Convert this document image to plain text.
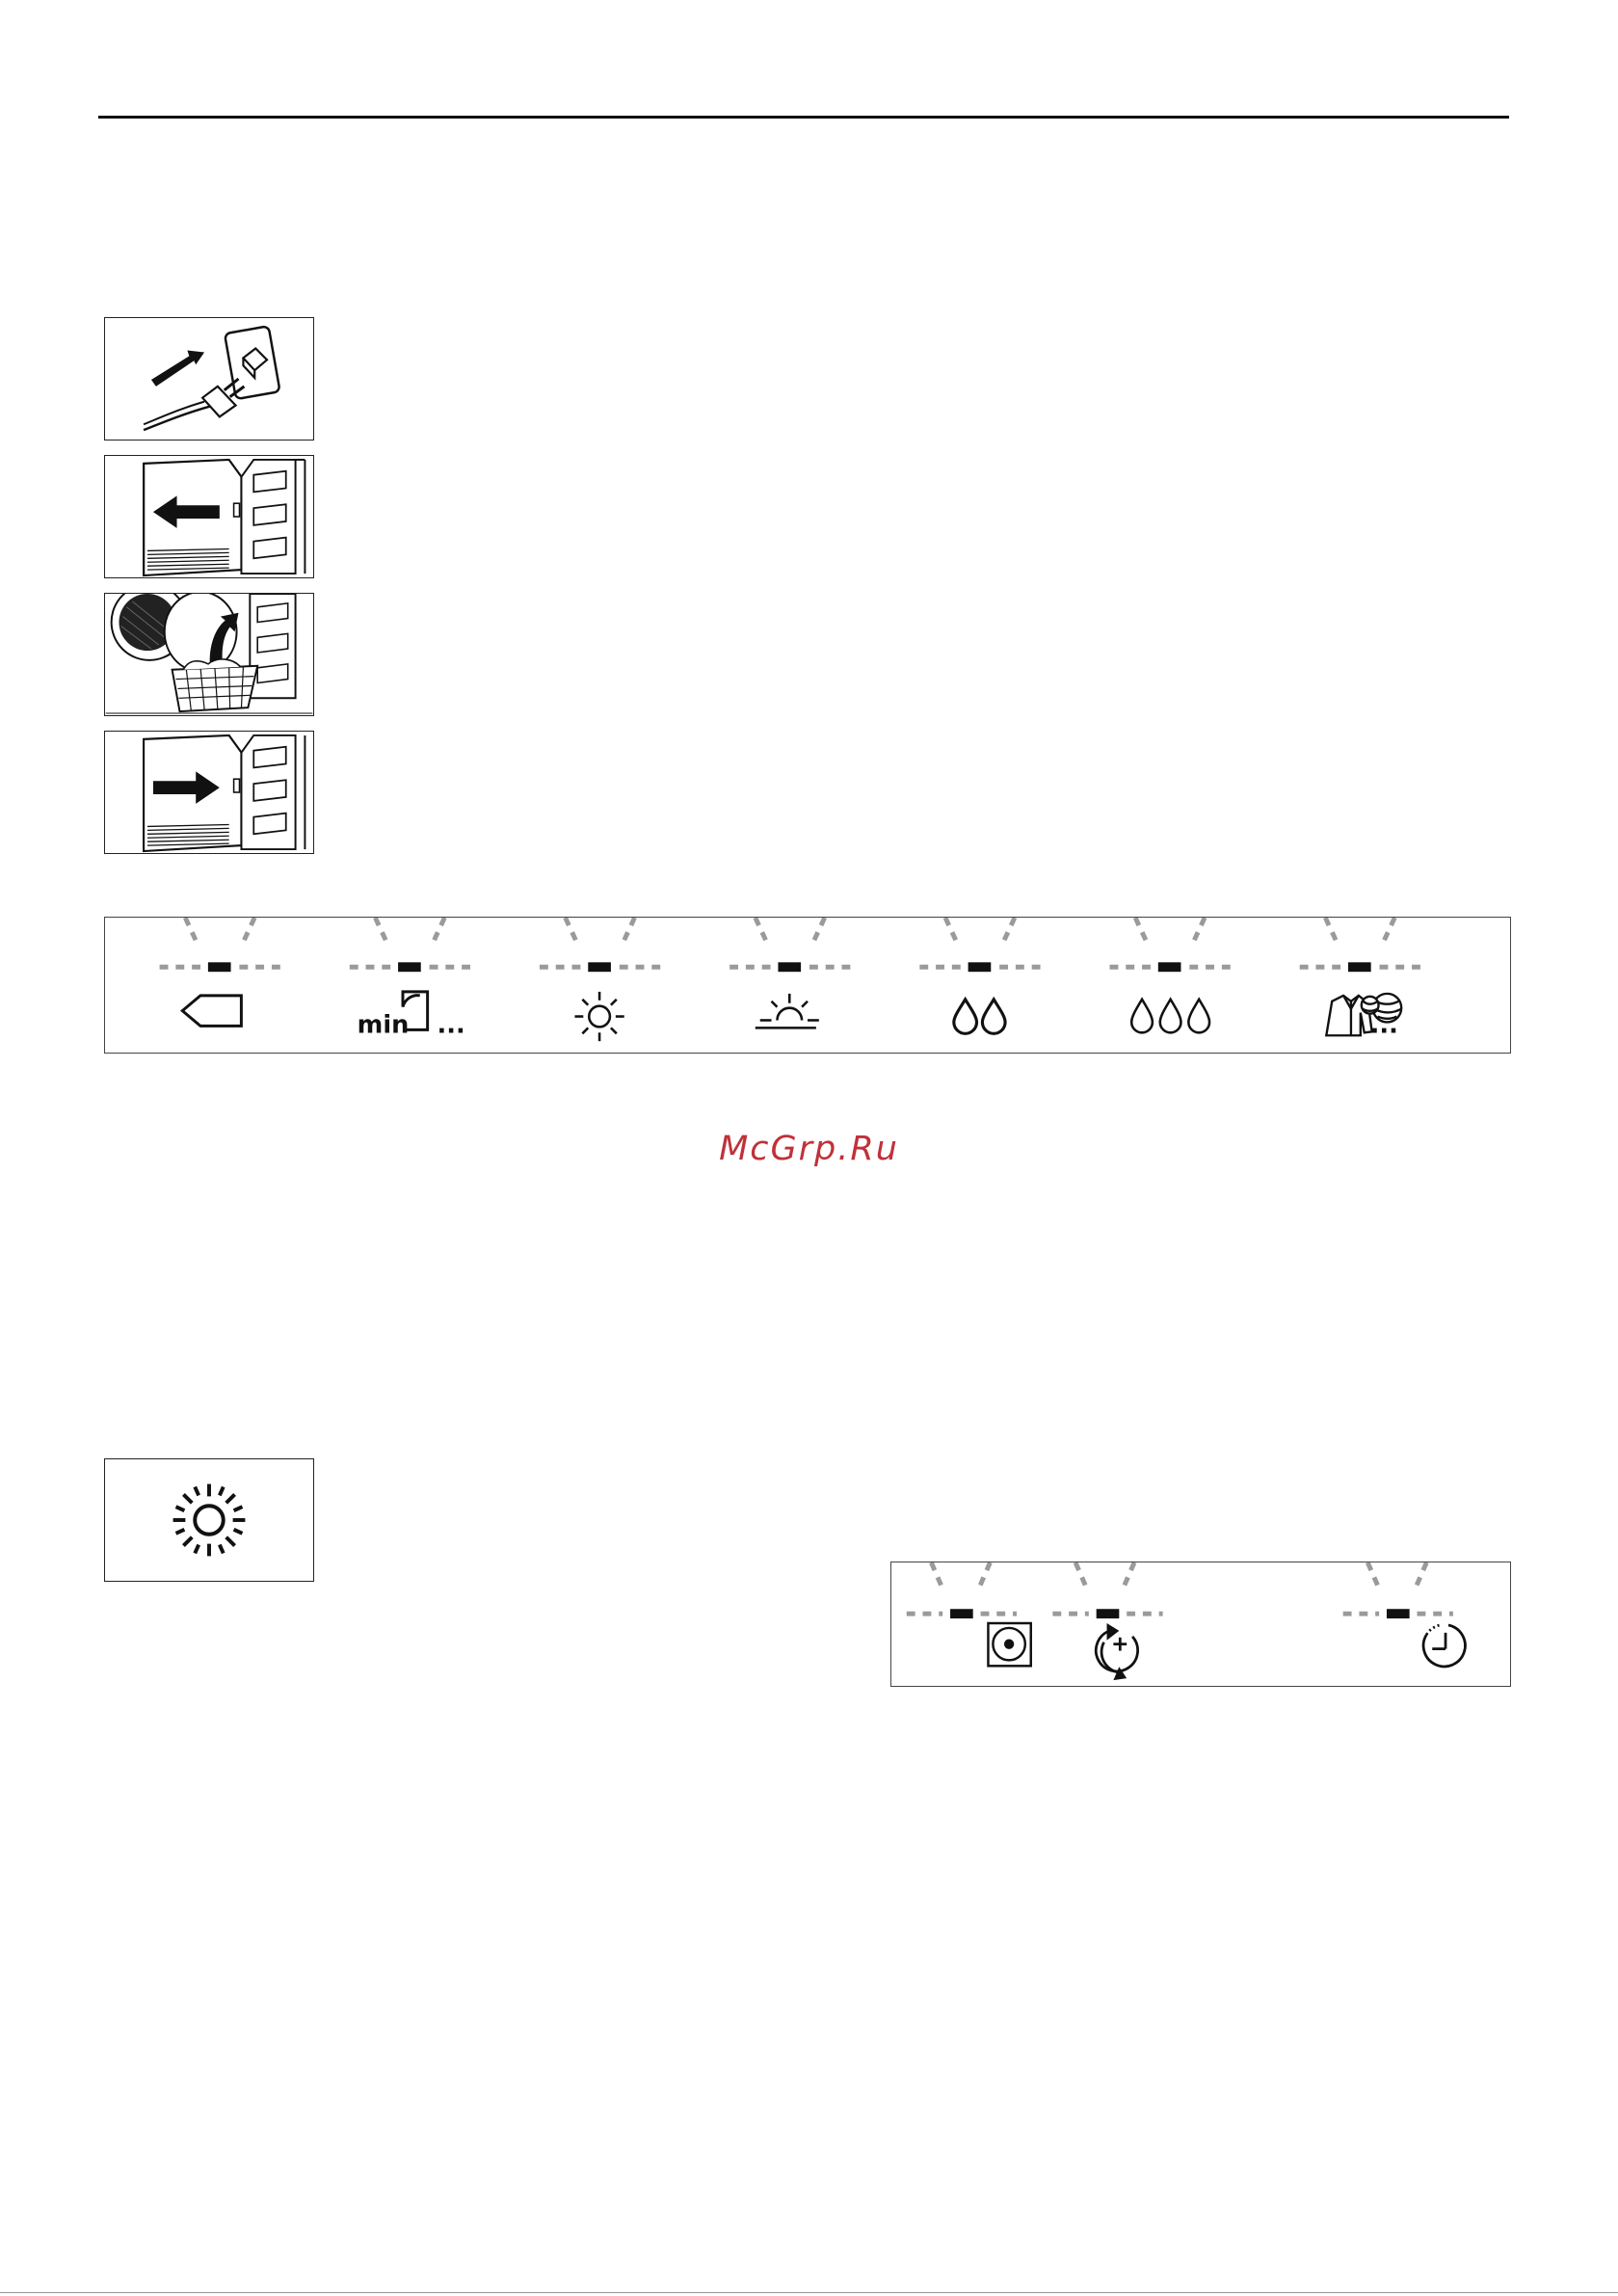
min ...	...
McGrp.Ru
